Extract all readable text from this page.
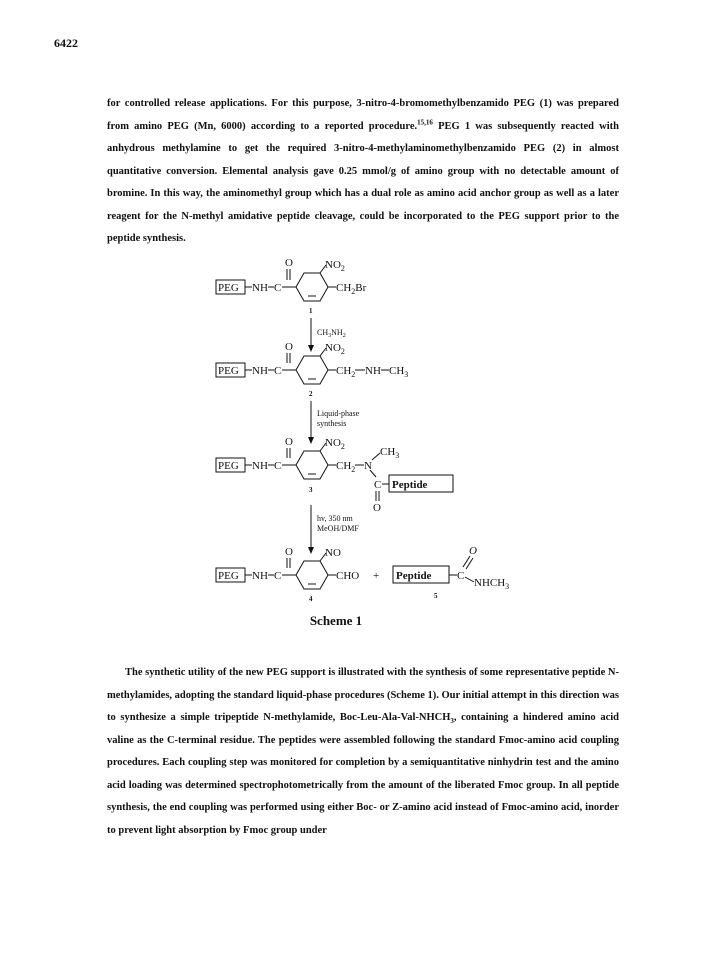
6422

for controlled release applications. For this purpose, 3-nitro-4-bromomethylbenzamido PEG (1) was prepared from amino PEG (Mn, 6000) according to a reported procedure.$^{15,16}$ PEG 1 was subsequently reacted with anhydrous methylamine to get the required 3-nitro-4-methylaminomethylbenzamido PEG (2) in almost quantitative conversion. Elemental analysis gave 0.25 mmol/g of amino group with no detectable amount of bromine. In this way, the aminomethyl group which has a dual role as amino acid anchor group as well as a later reagent for the N-methyl amidative peptide cleavage, could be incorporated to the PEG support prior to the peptide synthesis.

PEG NH C
O	$NO_2$
$CH_2Br$
1
$CH_3NH_2$
PEG NH C
O	$NO_2$
$CH_2$ NH $CH_3$
2
Liquid-phase
synthesis
PEG NH C
O	$NO_2$
$CH_2$ N
$CH_3$
C
O
Peptide
3
hv, 350 nm
MeOH/DMF
PEG NH C
O	NO
CHO +
4
Peptide C
O
$NHCH_3$
5
Scheme 1

The synthetic utility of the new PEG support is illustrated with the synthesis of some representative peptide N-methylamides, adopting the standard liquid-phase procedures (Scheme 1). Our initial attempt in this direction was to synthesize a simple tripeptide N-methylamide, Boc-$Leu-Ala-Val-NHCH_3$, containing a hindered amino acid valine as the C-terminal residue. The peptides were assembled following the standard Fmoc-amino acid coupling procedures. Each coupling step was monitored for completion by a semiquantitative ninhydrin test and the amino acid loading was determined spectrophotometrically from the amount of the liberated Fmoc group. In all peptide synthesis, the end coupling was performed using either Boc- or Z-amino acid instead of Fmoc-amino acid, inorder to prevent light absorption by Fmoc group under
